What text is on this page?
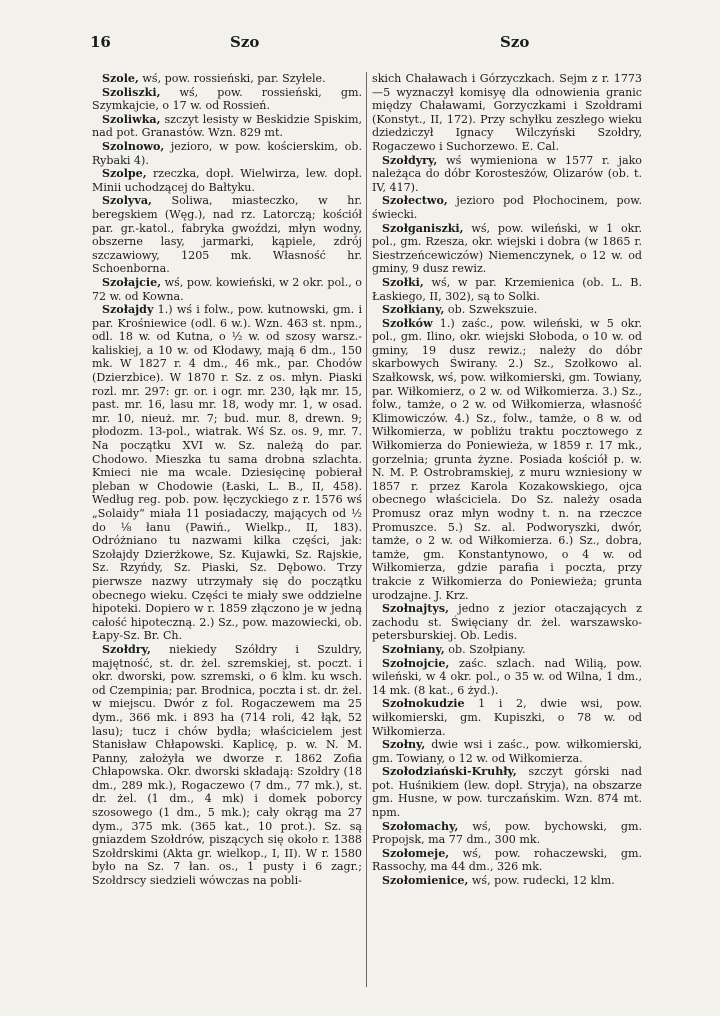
16	Szo	Szo

Szole, wś, pow. rossieński, par. Szyłele.

Szoliszki, wś, pow. rossieński, gm. Szymkajcie, o 17 w. od Rossień.

Szoliwka, szczyt lesisty w Beskidzie Spiskim, nad pot. Granastów. Wzn. 829 mt.

Szolnowo, jezioro, w pow. kościerskim, ob. Rybaki 4).

Szolpe, rzeczka, dopł. Wielwirza, lew. dopł. Minii uchodzącej do Bałtyku.

Szolyva, Soliwa, miasteczko, w hr. beregskiem (Węg.), nad rz. Latorczą; kościół par. gr.-katol., fabryka gwoździ, młyn wodny, obszerne lasy, jarmarki, kąpiele, zdrój szczawiowy, 1205 mk. Własność hr. Schoenborna.

Szołajcie, wś, pow. kowieński, w 2 okr. pol., o 72 w. od Kowna.

Szołajdy 1.) wś i folw., pow. kutnowski, gm. i par. Krośniewice (odl. 6 w.). Wzn. 463 st. npm., odl. 18 w. od Kutna, o ½ w. od szosy warsz.-kaliskiej, a 10 w. od Kłodawy, mają 6 dm., 150 mk. W 1827 r. 4 dm., 46 mk., par. Chodów (Dzierzbice). W 1870 r. Sz. z os. młyn. Piaski rozl. mr. 297: gr. or. i ogr. mr. 230, łąk mr. 15, past. mr. 16, lasu mr. 18, wody mr. 1, w osad. mr. 10, nieuż. mr. 7; bud. mur. 8, drewn. 9; płodozm. 13-pol., wiatrak. Wś Sz. os. 9, mr. 7. Na początku XVI w. Sz. należą do par. Chodowo. Mieszka tu sama drobna szlachta. Kmieci nie ma wcale. Dziesięcinę pobierał pleban w Chodowie (Łaski, L. B., II, 458). Według reg. pob. pow. łęczyckiego z r. 1576 wś „Solaidy“ miała 11 posiadaczy, mających od ½ do ⅛ łanu (Pawiń., Wielkp., II, 183). Odróżniano tu nazwami kilka części, jak: Szołajdy Dzierżkowe, Sz. Kujawki, Sz. Rajskie, Sz. Rzyńdy, Sz. Piaski, Sz. Dębowo. Trzy pierwsze nazwy utrzymały się do początku obecnego wieku. Części te miały swe oddzielne hipoteki. Dopiero w r. 1859 złączono je w jedną całość hipoteczną. 2.) Sz., pow. mazowiecki, ob. Łapy-Sz. Br. Ch.

Szołdry, niekiedy Szółdry i Szuldry, majętność, st. dr. żel. szremskiej, st. poczt. i okr. dworski, pow. szremski, o 6 klm. ku wsch. od Czempinia; par. Brodnica, poczta i st. dr. żel. w miejscu. Dwór z fol. Rogaczewem ma 25 dym., 366 mk. i 893 ha (714 roli, 42 łąk, 52 lasu); tucz i chów bydła; właścicielem jest Stanisław Chłapowski. Kaplicę, p. w. N. M. Panny, założyła we dworze r. 1862 Zofia Chłapowska. Okr. dworski składają: Szołdry (18 dm., 289 mk.), Rogaczewo (7 dm., 77 mk.), st. dr. żel. (1 dm., 4 mk) i domek poborcy szosowego (1 dm., 5 mk.); cały okrąg ma 27 dym., 375 mk. (365 kat., 10 prot.). Sz. są gniazdem Szołdrów, piszących się około r. 1388 Szołdrskimi (Akta gr. wielkop., I, II). W r. 1580 było na Sz. 7 łan. os., 1 pusty i 6 zagr.; Szołdrscy siedzieli wówczas na pobli-

skich Chaławach i Górzyczkach. Sejm z r. 1773—5 wyznaczył komisyę dla odnowienia granic między Chaławami, Gorzyczkami i Szołdrami (Konstyt., II, 172). Przy schyłku zeszłego wieku dziedziczył Ignacy Wilczyński Szołdry, Rogaczewo i Suchorzewo. E. Cal.

Szołdyry, wś wymieniona w 1577 r. jako należąca do dóbr Korostesżów, Olizarów (ob. t. IV, 417).

Szołectwo, jezioro pod Płochocinem, pow. świecki.

Szołganiszki, wś, pow. wileński, w 1 okr. pol., gm. Rzesza, okr. wiejski i dobra (w 1865 r. Siestrzeńcewiczów) Niemenczynek, o 12 w. od gminy, 9 dusz rewiz.

Szołki, wś, w par. Krzemienica (ob. L. B. Łaskiego, II, 302), są to Solki.

Szołkiany, ob. Szwekszuie.

Szołków 1.) zaśc., pow. wileński, w 5 okr. pol., gm. Ilino, okr. wiejski Słoboda, o 10 w. od gminy, 19 dusz rewiz.; należy do dóbr skarbowych Świrany. 2.) Sz., Szołkowo al. Szałkowsk, wś, pow. wiłkomierski, gm. Towiany, par. Wiłkomierz, o 2 w. od Wiłkomierza. 3.) Sz., folw., tamże, o 2 w. od Wiłkomierza, własność Klimowiczów. 4.) Sz., folw., tamże, o 8 w. od Wiłkomierza, w pobliżu traktu pocztowego z Wiłkomierza do Poniewieża, w 1859 r. 17 mk., gorzelnia; grunta żyzne. Posiada kościół p. w. N. M. P. Ostrobramskiej, z muru wzniesiony w 1857 r. przez Karola Kozakowskiego, ojca obecnego właściciela. Do Sz. należy osada Promusz oraz młyn wodny t. n. na rzeczce Promuszce. 5.) Sz. al. Podworyszki, dwór, tamże, o 2 w. od Wiłkomierza. 6.) Sz., dobra, tamże, gm. Konstantynowo, o 4 w. od Wiłkomierza, gdzie parafia i poczta, przy trakcie z Wiłkomierza do Poniewieża; grunta urodzajne. J. Krz.

Szołnajtys, jedno z jezior otaczających z zachodu st. Święciany dr. żel. warszawsko-petersburskiej. Ob. Ledis.

Szołniany, ob. Szołpiany.

Szołnojcie, zaśc. szlach. nad Wilią, pow. wileński, w 4 okr. pol., o 35 w. od Wilna, 1 dm., 14 mk. (8 kat., 6 żyd.).

Szołnokudzie 1 i 2, dwie wsi, pow. wiłkomierski, gm. Kupiszki, o 78 w. od Wiłkomierza.

Szołny, dwie wsi i zaśc., pow. wiłkomierski, gm. Towiany, o 12 w. od Wiłkomierza.

Szołodziański-Kruhły, szczyt górski nad pot. Huśnikiem (lew. dopł. Stryja), na obszarze gm. Husne, w pow. turczańskim. Wzn. 874 mt. npm.

Szołomachy, wś, pow. bychowski, gm. Propojsk, ma 77 dm., 300 mk.

Szołomeje, wś, pow. rohaczewski, gm. Rassochy, ma 44 dm., 326 mk.

Szołomienice, wś, pow. rudecki, 12 klm.
